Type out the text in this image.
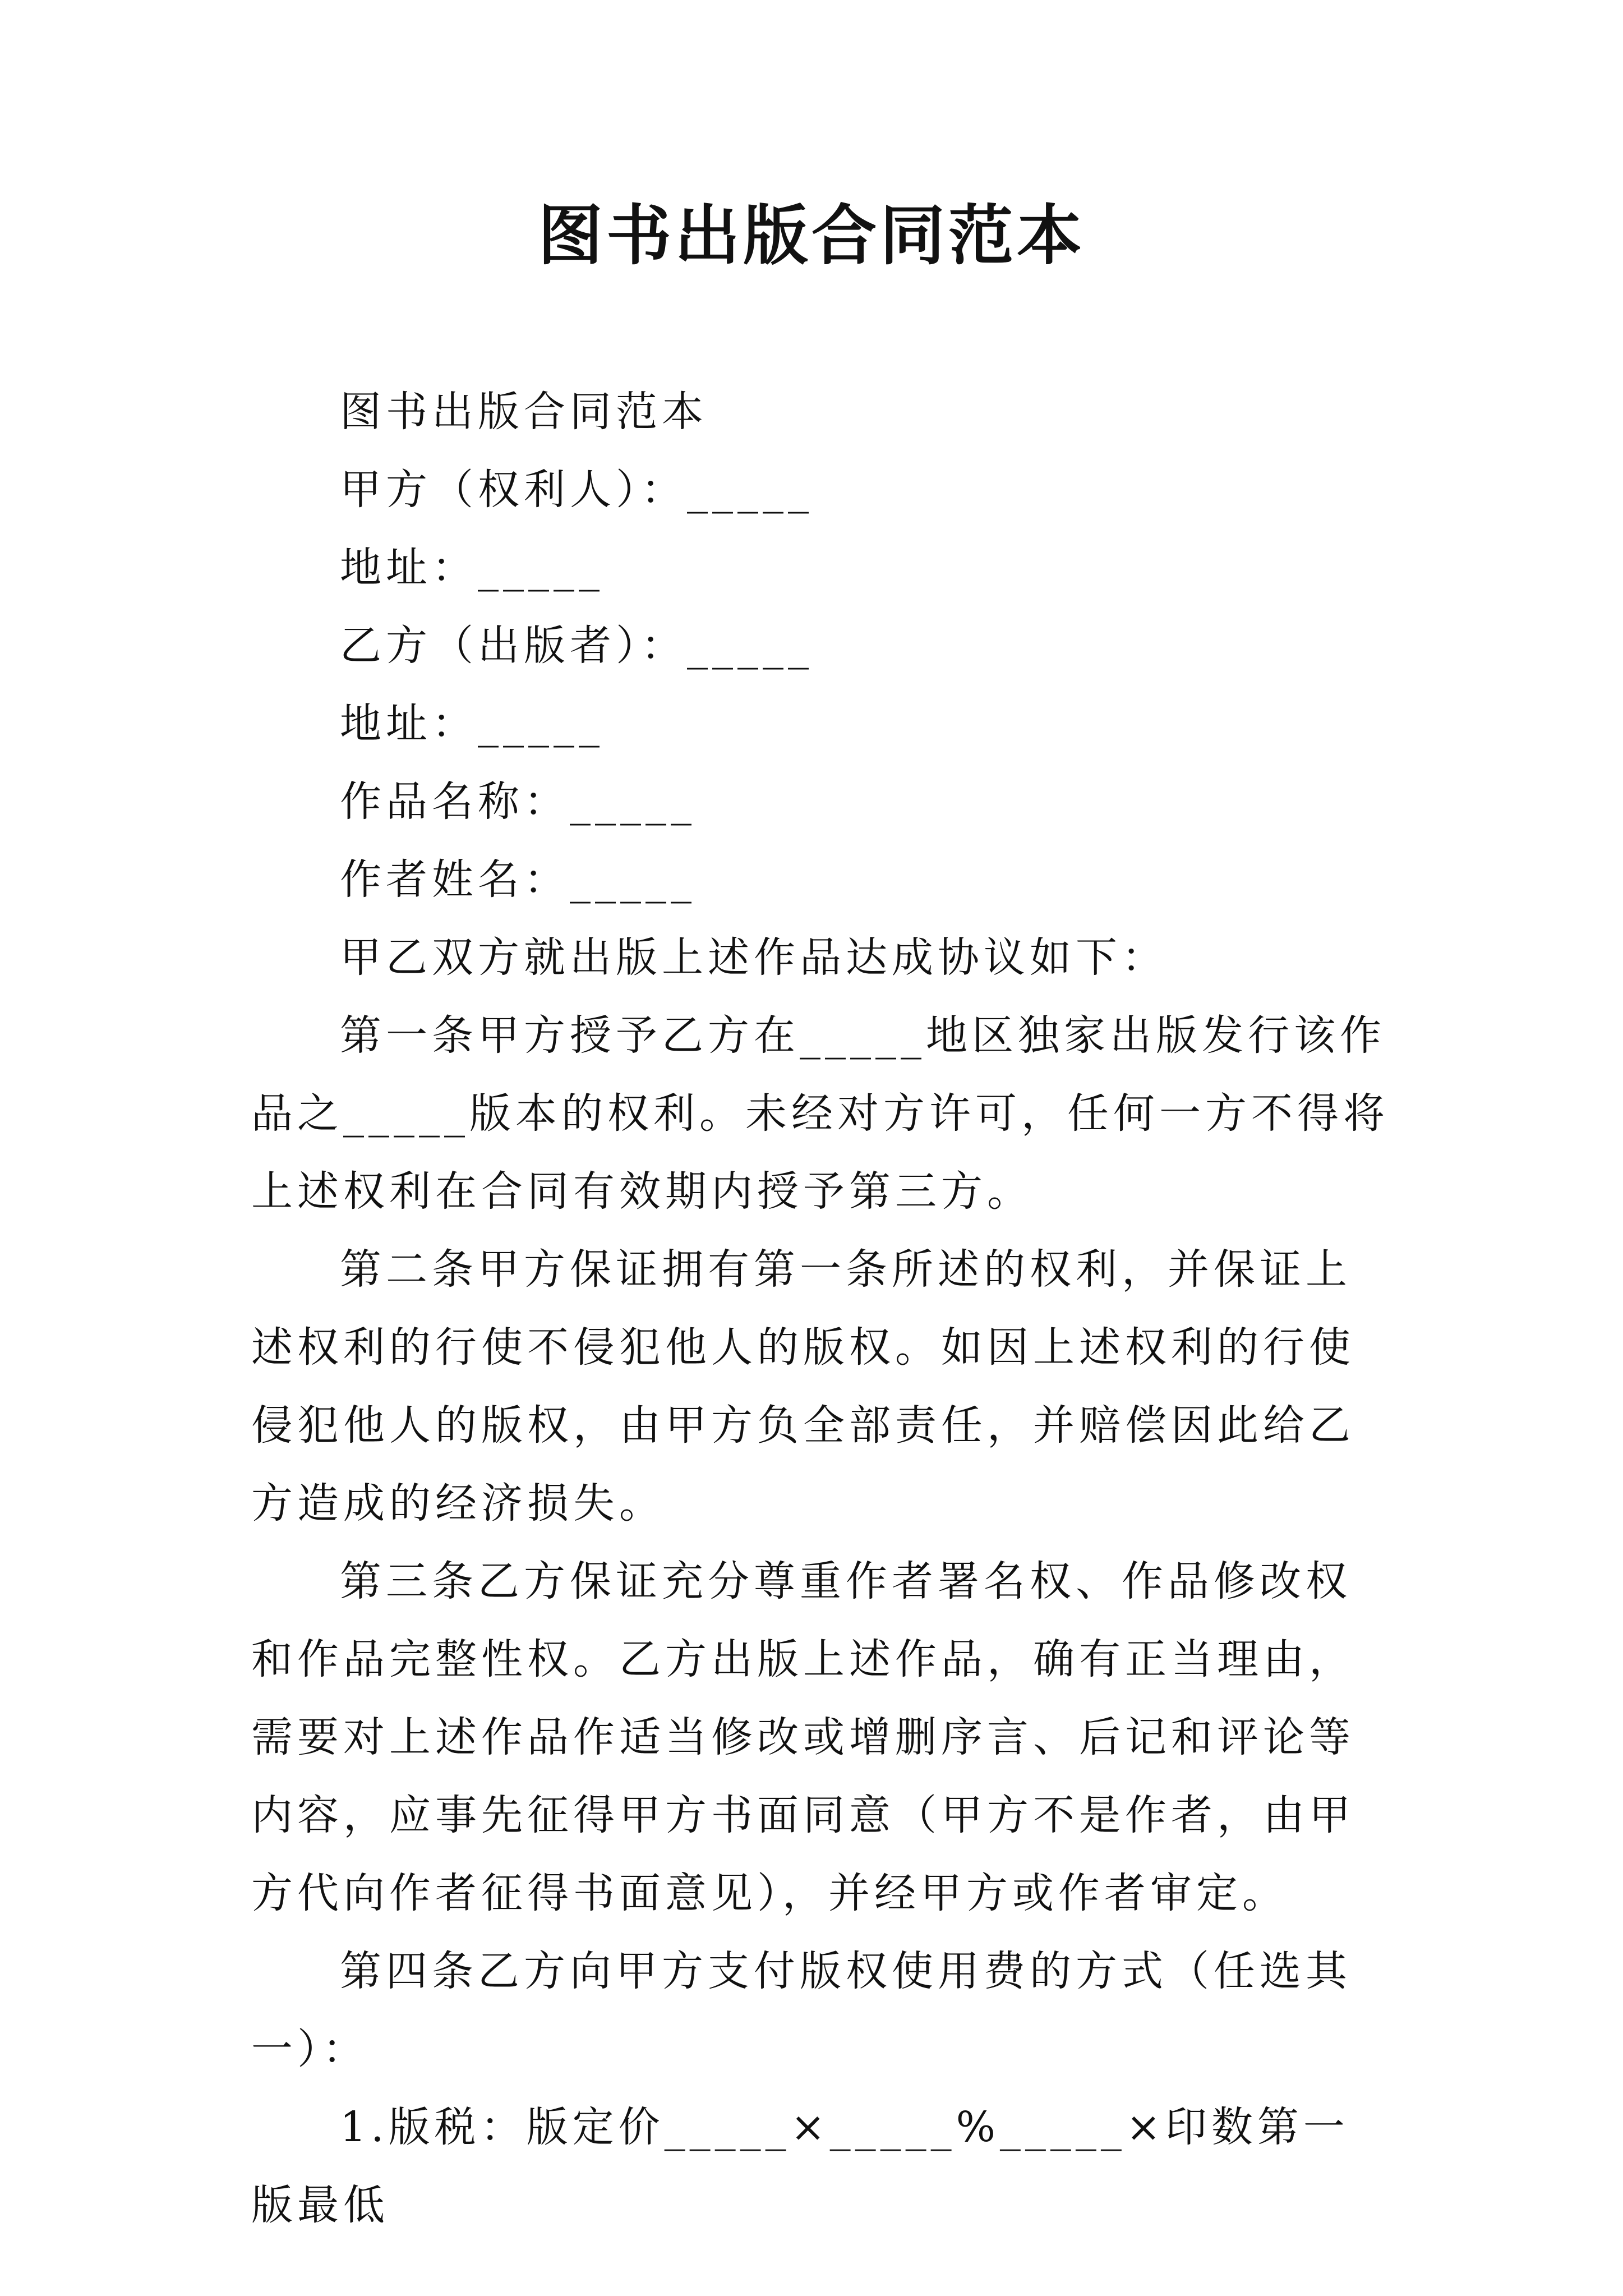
图书出版合同范本

图书出版合同范本

甲方（权利人）：_____

地址：_____

乙方（出版者）：_____

地址：_____

作品名称：_____

作者姓名：_____

甲乙双方就出版上述作品达成协议如下：

第一条甲方授予乙方在_____地区独家出版发行该作品之_____版本的权利。未经对方许可，任何一方不得将上述权利在合同有效期内授予第三方。

第二条甲方保证拥有第一条所述的权利，并保证上述权利的行使不侵犯他人的版权。如因上述权利的行使侵犯他人的版权，由甲方负全部责任，并赔偿因此给乙方造成的经济损失。

第三条乙方保证充分尊重作者署名权、作品修改权和作品完整性权。乙方出版上述作品，确有正当理由，需要对上述作品作适当修改或增删序言、后记和评论等内容，应事先征得甲方书面同意（甲方不是作者，由甲方代向作者征得书面意见），并经甲方或作者审定。

第四条乙方向甲方支付版权使用费的方式（任选其一）：

1.版税：版定价_____×_____%_____×印数第一版最低
